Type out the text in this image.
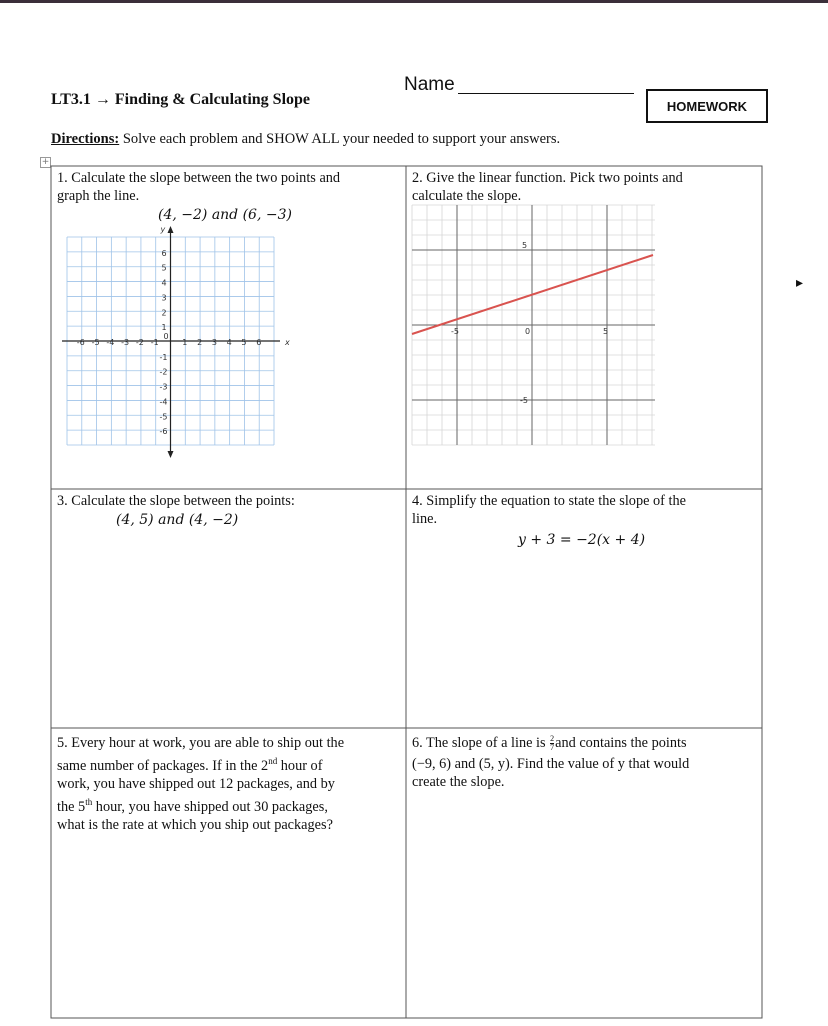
Name
LT3.1 → Finding & Calculating Slope	HOMEWORK
Directions: Solve each problem and SHOW ALL your needed to support your answers.
+
▸
y
x
6
5
4
3
2
1
-1
-2
-3
-4
-5
-6
-6 -5 -4 -3 -2 -1	1 2 3 4 5 6
0
5
-5
-5	0	5
1. Calculate the slope between the two points and
graph the line.
(4, −2) and (6, −3)
2. Give the linear function. Pick two points and
calculate the slope.
3. Calculate the slope between the points:
(4, 5) and (4, −2)
4. Simplify the equation to state the slope of the
line.
y + 3 = −2(x + 4)
5. Every hour at work, you are able to ship out the
same number of packages. If in the 2nd hour of
work, you have shipped out 12 packages, and by
the 5th hour, you have shipped out 30 packages,
what is the rate at which you ship out packages?
6. The slope of a line is $\frac{2}{7}$ and contains the points
(−9, 6) and (5, y). Find the value of y that would
create the slope.
